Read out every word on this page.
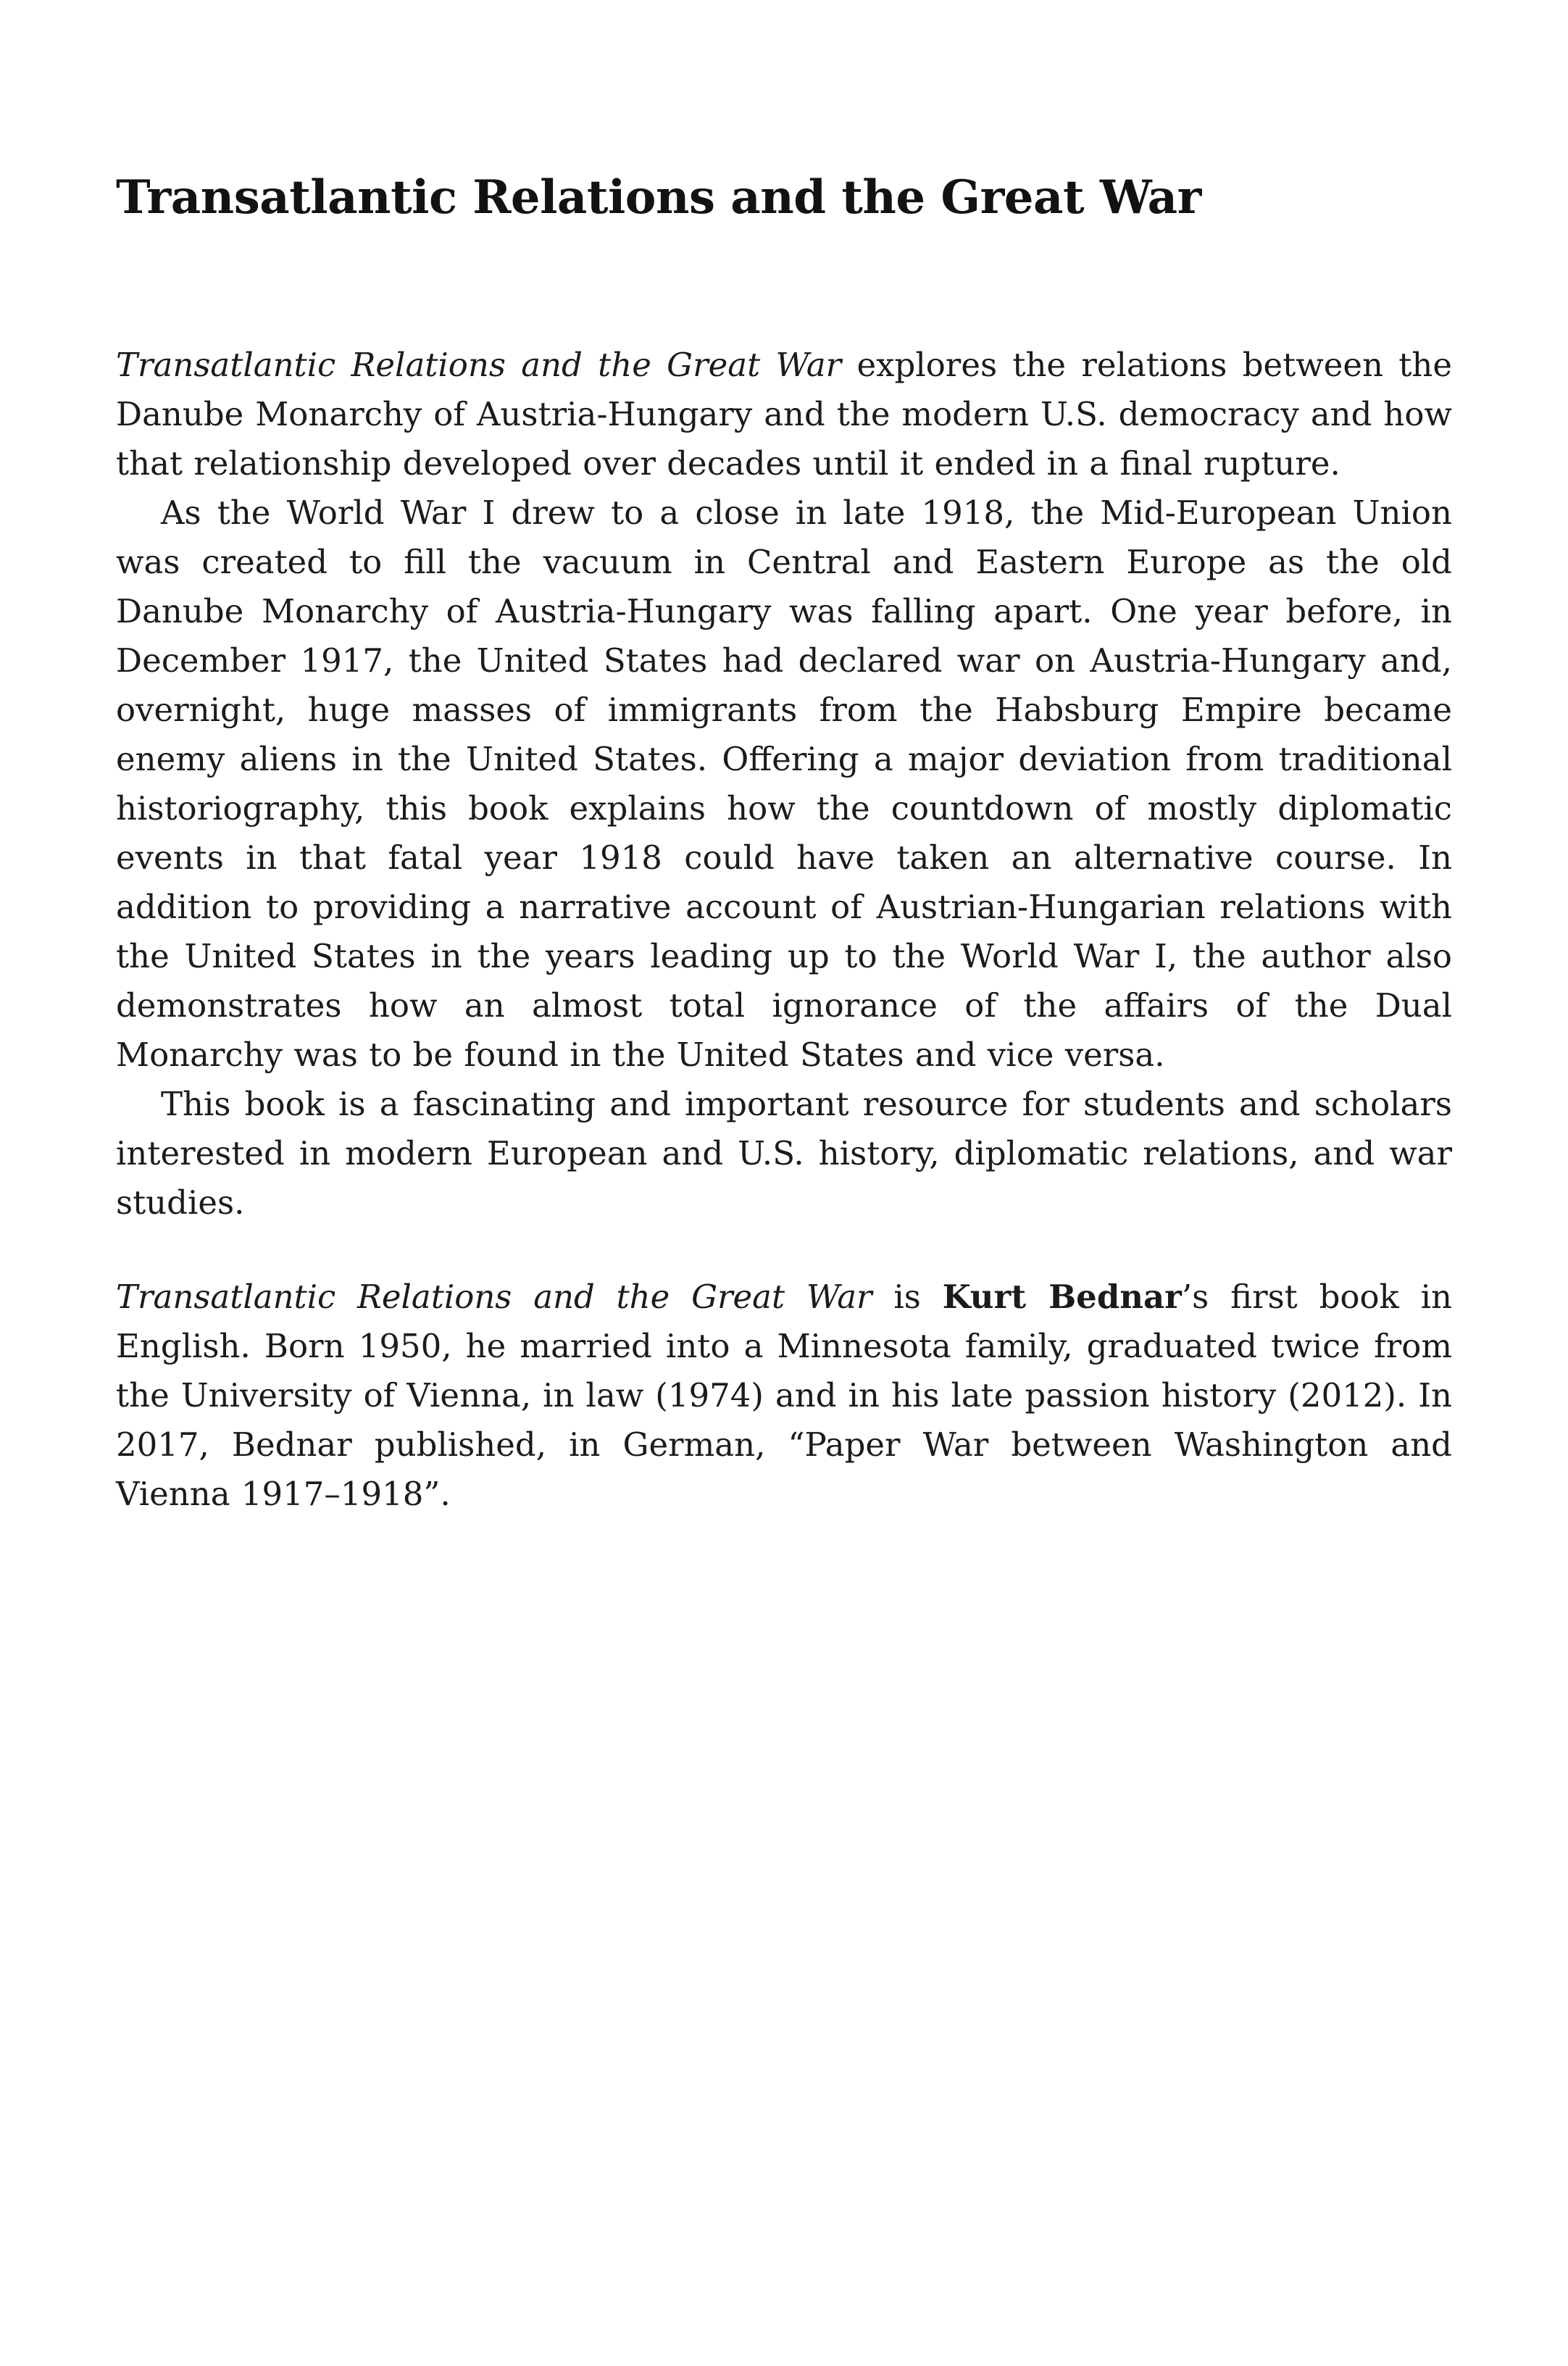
Transatlantic Relations and the Great War

Transatlantic Relations and the Great War explores the relations between the Danube Monarchy of Austria-Hungary and the modern U.S. democracy and how that relationship developed over decades until it ended in a final rupture.

As the World War I drew to a close in late 1918, the Mid-European Union was created to fill the vacuum in Central and Eastern Europe as the old Danube Monarchy of Austria-Hungary was falling apart. One year before, in December 1917, the United States had declared war on Austria-Hungary and, overnight, huge masses of immigrants from the Habsburg Empire became enemy aliens in the United States. Offering a major deviation from traditional historiography, this book explains how the countdown of mostly diplomatic events in that fatal year 1918 could have taken an alternative course. In addition to providing a narrative account of Austrian-Hungarian relations with the United States in the years leading up to the World War I, the author also demonstrates how an almost total ignorance of the affairs of the Dual Monarchy was to be found in the United States and vice versa.

This book is a fascinating and important resource for students and scholars interested in modern European and U.S. history, diplomatic relations, and war studies.

Transatlantic Relations and the Great War is Kurt Bednar’s first book in English. Born 1950, he married into a Minnesota family, graduated twice from the University of Vienna, in law (1974) and in his late passion history (2012). In 2017, Bednar published, in German, “Paper War between Washington and Vienna 1917–1918”.
